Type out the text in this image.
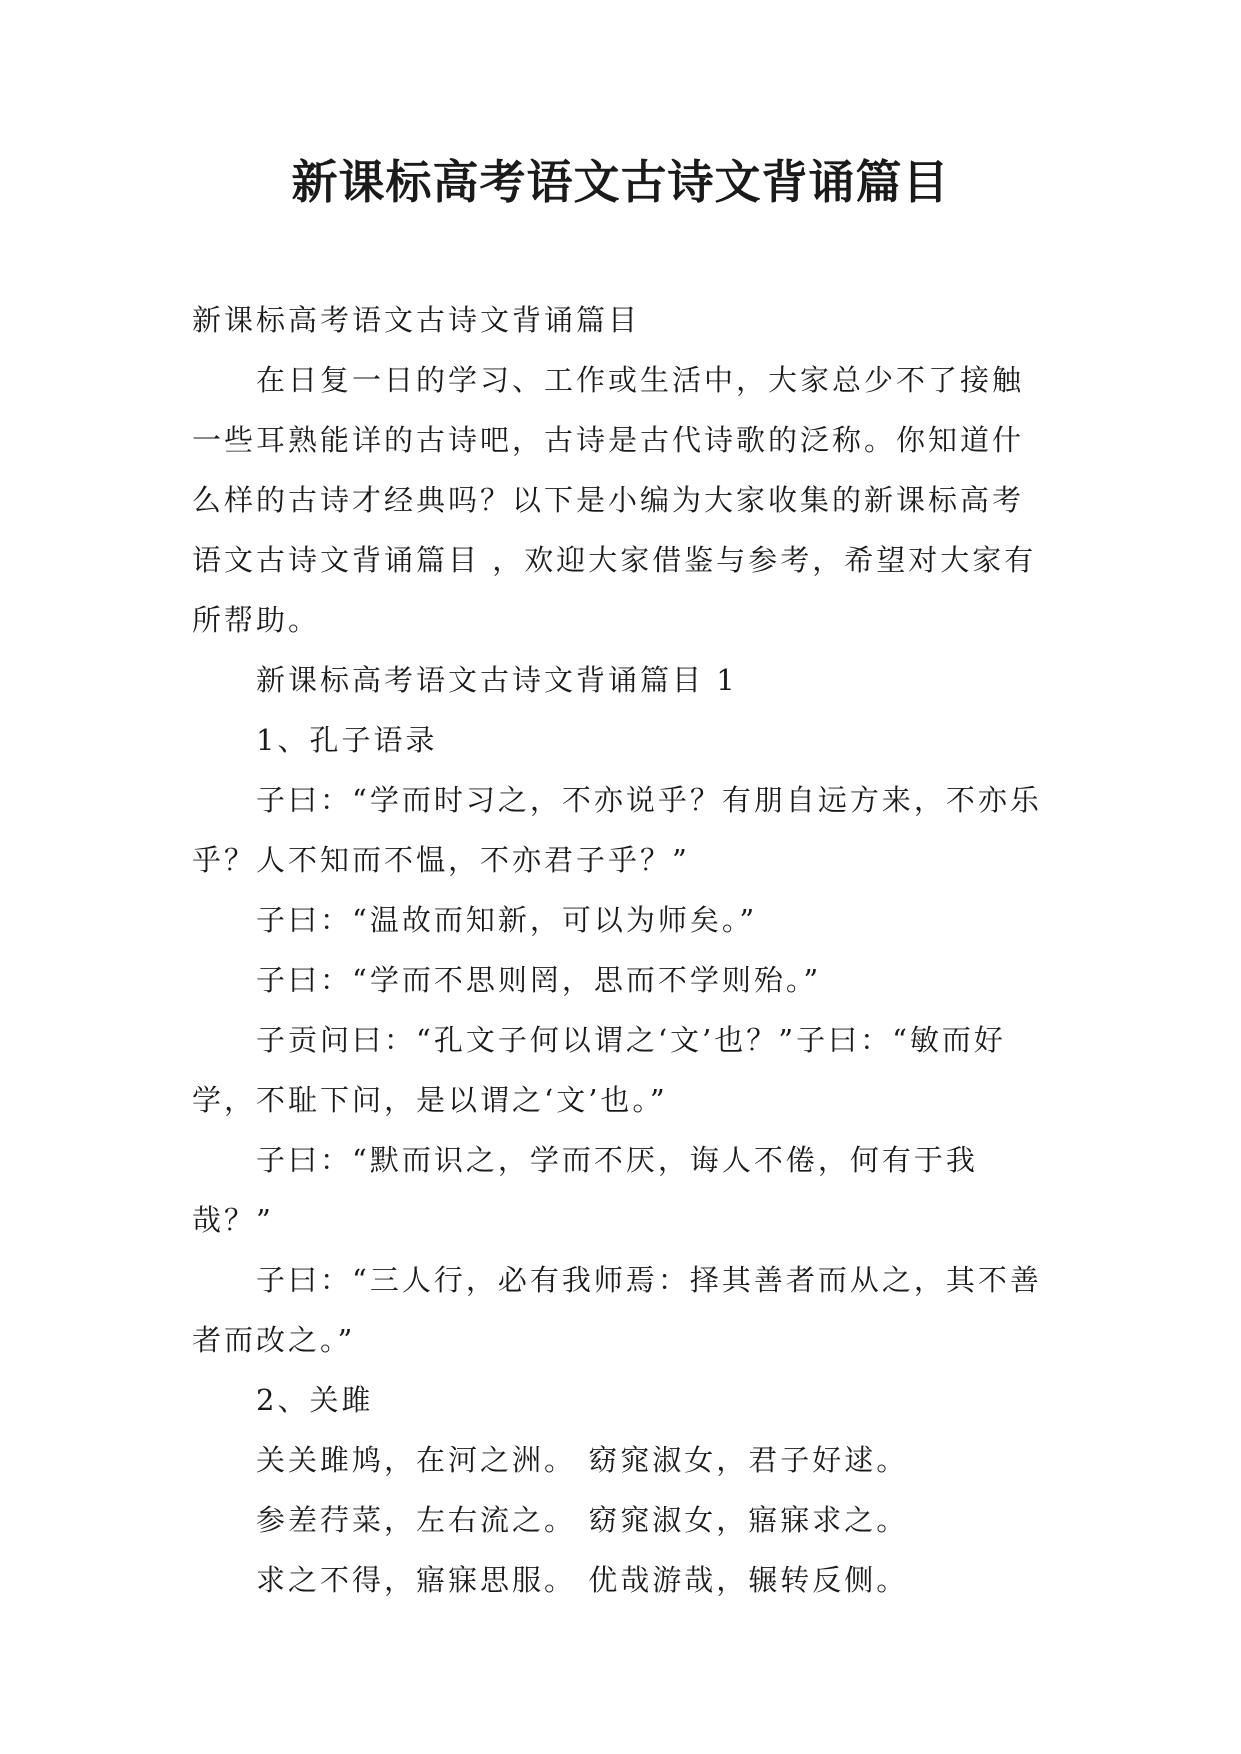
新课标高考语文古诗文背诵篇目

新课标高考语文古诗文背诵篇目

在日复一日的学习、工作或生活中，大家总少不了接触一些耳熟能详的古诗吧，古诗是古代诗歌的泛称。你知道什么样的古诗才经典吗？以下是小编为大家收集的新课标高考语文古诗文背诵篇目 ，欢迎大家借鉴与参考，希望对大家有所帮助。

新课标高考语文古诗文背诵篇目 1

1、孔子语录

子曰：“学而时习之，不亦说乎？有朋自远方来，不亦乐乎？人不知而不愠，不亦君子乎？”

子曰：“温故而知新，可以为师矣。”

子曰：“学而不思则罔，思而不学则殆。”

子贡问曰：“孔文子何以谓之‘文’也？”子曰：“敏而好学，不耻下问，是以谓之‘文’也。”

子曰：“默而识之，学而不厌，诲人不倦，何有于我哉？”

子曰：“三人行，必有我师焉：择其善者而从之，其不善者而改之。”

2、关雎

关关雎鸠，在河之洲。 窈窕淑女，君子好逑。

参差荇菜，左右流之。 窈窕淑女，寤寐求之。

求之不得，寤寐思服。 优哉游哉，辗转反侧。
